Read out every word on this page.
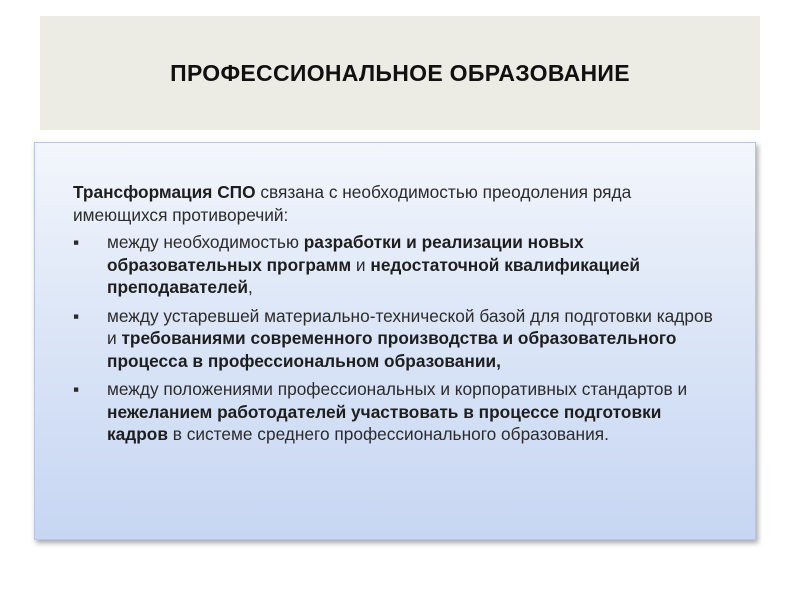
ПРОФЕССИОНАЛЬНОЕ ОБРАЗОВАНИЕ

Трансформация СПО связана с необходимостью преодоления ряда имеющихся противоречий:

▪	между необходимостью разработки и реализации новых образовательных программ и недостаточной квалификацией преподавателей,
▪	между устаревшей материально-технической базой для подготовки кадров и требованиями современного производства и образовательного процесса в профессиональном образовании,
▪	между положениями профессиональных и корпоративных стандартов и нежеланием работодателей участвовать в процессе подготовки кадров в системе среднего профессионального образования.
